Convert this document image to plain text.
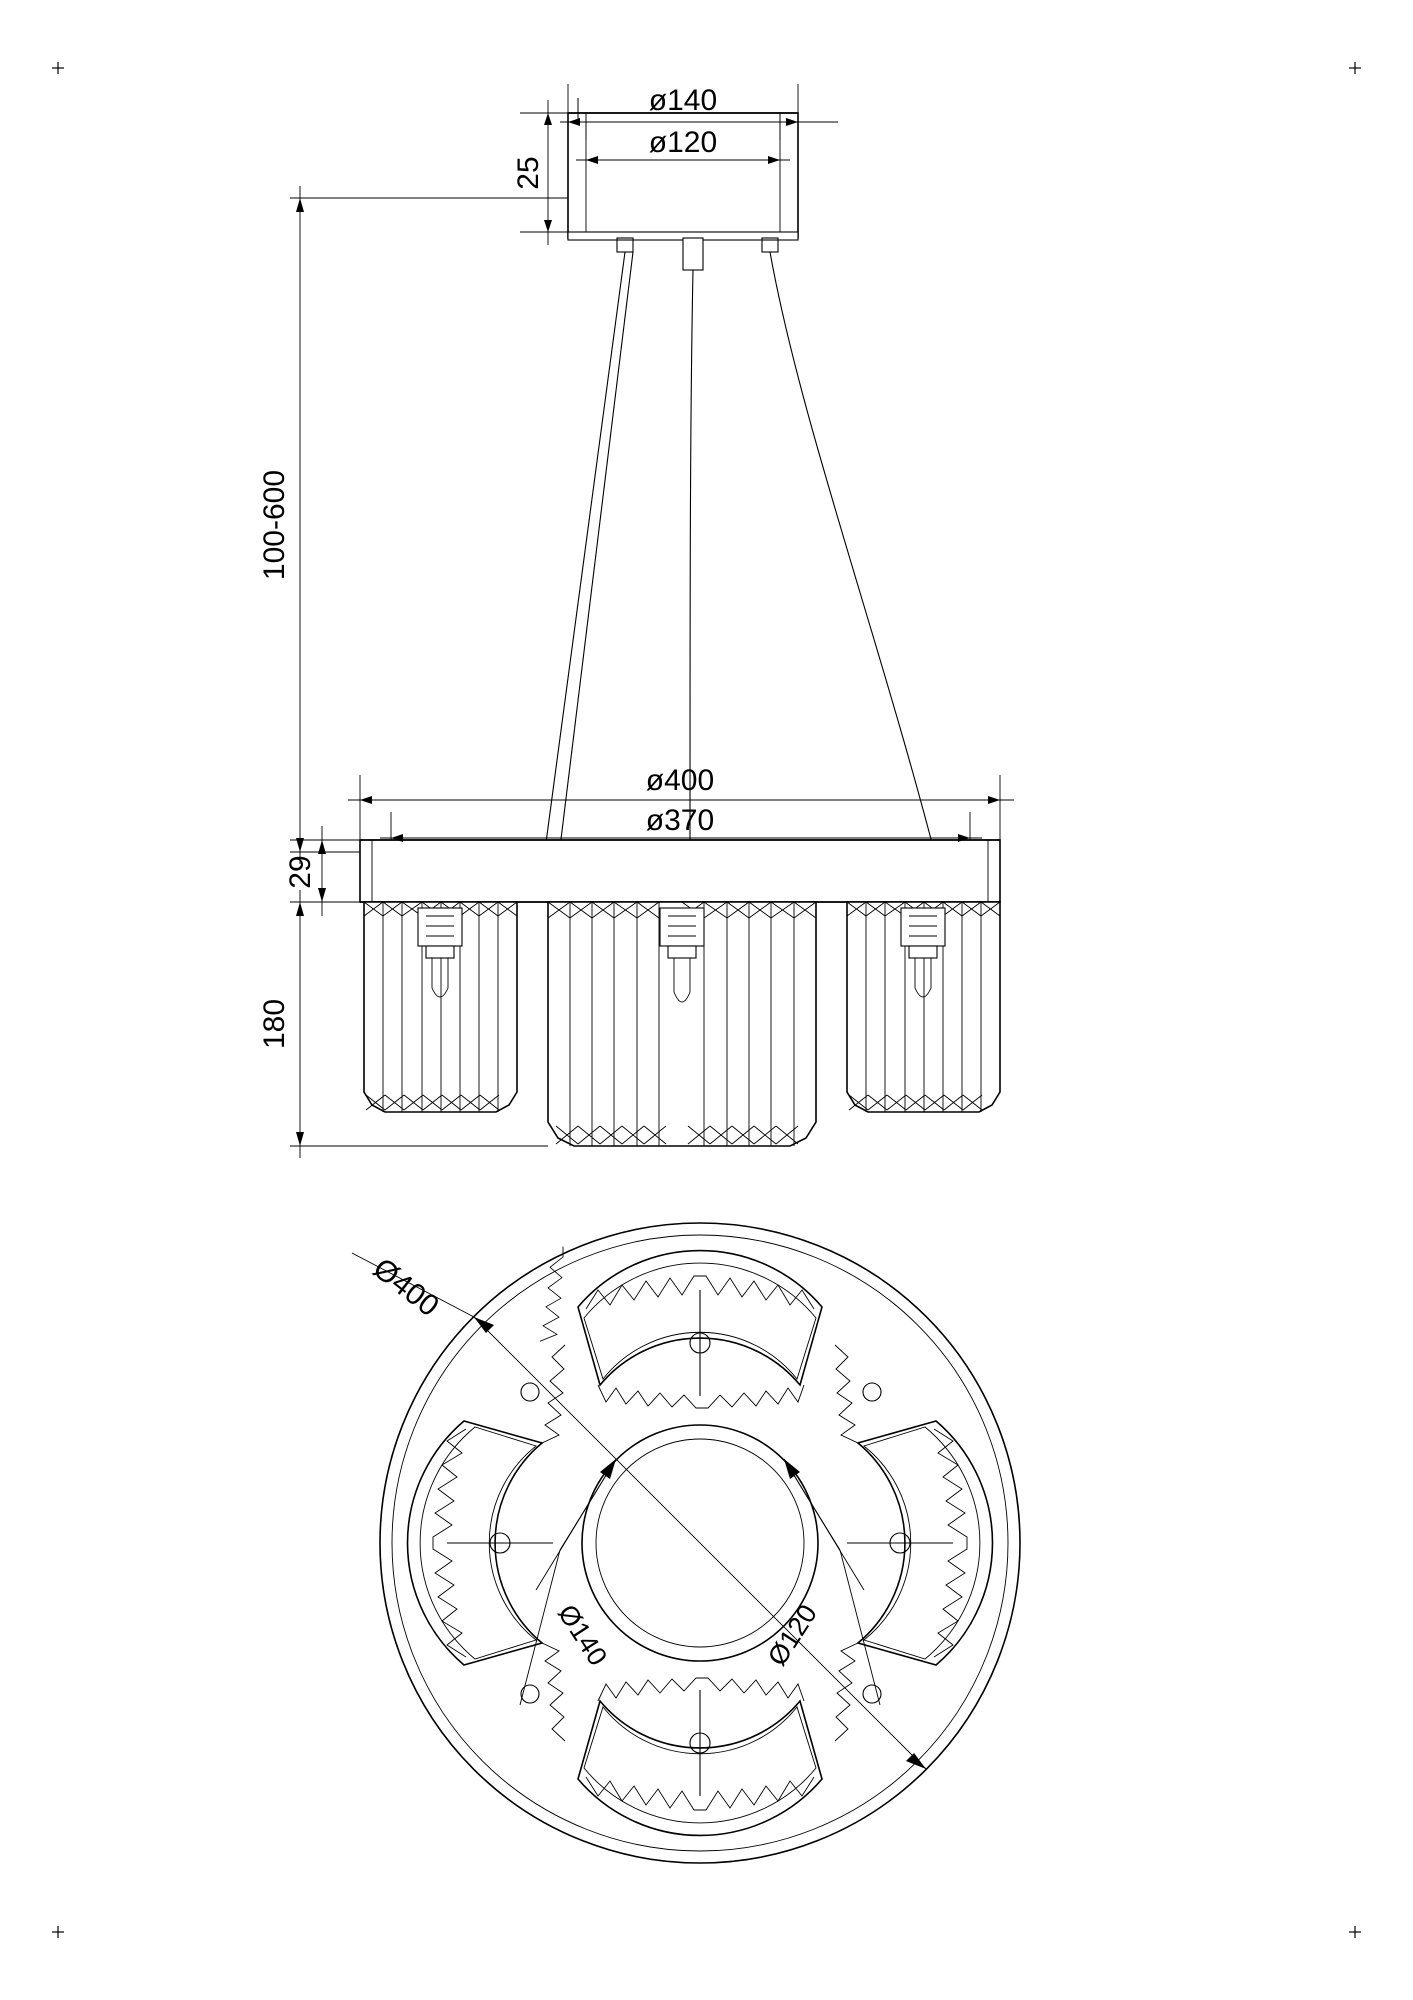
ø140
ø120
25
100-600
ø400
ø370
29
180
Ø400
Ø140	Ø120
